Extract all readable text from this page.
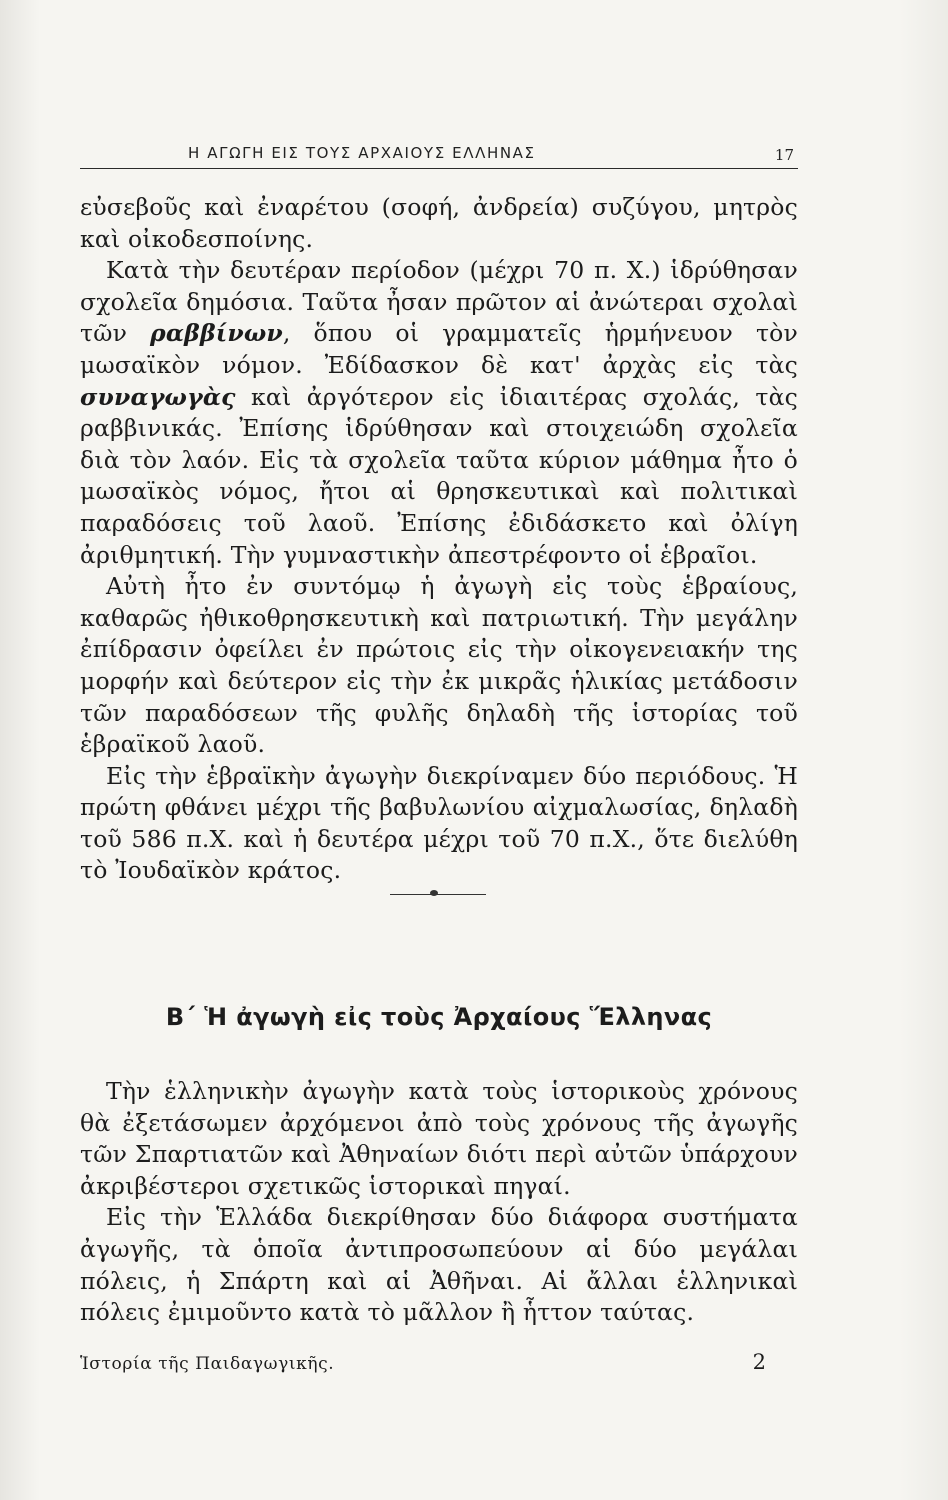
Η ΑΓΩΓΗ ΕΙΣ ΤΟΥΣ ΑΡΧΑΙΟΥΣ ΕΛΛΗΝΑΣ	17

εὐσεβοῦς καὶ ἐναρέτου (σοφή, ἀνδρεία) συζύγου, μητρὸς καὶ οἰκοδεσποίνης.

Κατὰ τὴν δευτέραν περίοδον (μέχρι 70 π. Χ.) ἱδρύθησαν σχολεῖα δημόσια. Ταῦτα ἦσαν πρῶτον αἱ ἀνώτεραι σχολαὶ τῶν ραββίνων, ὅπου οἱ γραμματεῖς ἡρμήνευον τὸν μωσαϊκὸν νόμον. Ἐδίδασκον δὲ κατ' ἀρχὰς εἰς τὰς συναγωγὰς καὶ ἀργότερον εἰς ἰδιαιτέρας σχολάς, τὰς ραββινικάς. Ἐπίσης ἱδρύθησαν καὶ στοιχειώδη σχολεῖα διὰ τὸν λαόν. Εἰς τὰ σχολεῖα ταῦτα κύριον μάθημα ἦτο ὁ μωσαϊκὸς νόμος, ἤτοι αἱ θρησκευτικαὶ καὶ πολιτικαὶ παραδόσεις τοῦ λαοῦ. Ἐπίσης ἐδιδάσκετο καὶ ὀλίγη ἀριθμητική. Τὴν γυμναστικὴν ἀπεστρέφοντο οἱ ἑβραῖοι.

Αὐτὴ ἦτο ἐν συντόμῳ ἡ ἀγωγὴ εἰς τοὺς ἑβραίους, καθαρῶς ἠθικοθρησκευτικὴ καὶ πατριωτική. Τὴν μεγάλην ἐπίδρασιν ὀφείλει ἐν πρώτοις εἰς τὴν οἰκογενειακήν της μορφήν καὶ δεύτερον εἰς τὴν ἐκ μικρᾶς ἡλικίας μετάδοσιν τῶν παραδόσεων τῆς φυλῆς δηλαδὴ τῆς ἱστορίας τοῦ ἑβραϊκοῦ λαοῦ.

Εἰς τὴν ἑβραϊκὴν ἀγωγὴν διεκρίναμεν δύο περιόδους. Ἡ πρώτη φθάνει μέχρι τῆς βαβυλωνίου αἰχμαλωσίας, δηλαδὴ τοῦ 586 π.Χ. καὶ ἡ δευτέρα μέχρι τοῦ 70 π.Χ., ὅτε διελύθη τὸ Ἰουδαϊκὸν κράτος.

Β΄ Ἡ ἀγωγὴ εἰς τοὺς Ἀρχαίους Ἕλληνας

Τὴν ἑλληνικὴν ἀγωγὴν κατὰ τοὺς ἱστορικοὺς χρόνους θὰ ἐξετάσωμεν ἀρχόμενοι ἀπὸ τοὺς χρόνους τῆς ἀγωγῆς τῶν Σπαρτιατῶν καὶ Ἀθηναίων διότι περὶ αὐτῶν ὑπάρχουν ἀκριβέστεροι σχετικῶς ἱστορικαὶ πηγαί.

Εἰς τὴν Ἑλλάδα διεκρίθησαν δύο διάφορα συστήματα ἀγωγῆς, τὰ ὁποῖα ἀντιπροσωπεύουν αἱ δύο μεγάλαι πόλεις, ἡ Σπάρτη καὶ αἱ Ἀθῆναι. Αἱ ἄλλαι ἑλληνικαὶ πόλεις ἐμιμοῦντο κατὰ τὸ μᾶλλον ἢ ἧττον ταύτας.

Ἱστορία τῆς Παιδαγωγικῆς.	2
